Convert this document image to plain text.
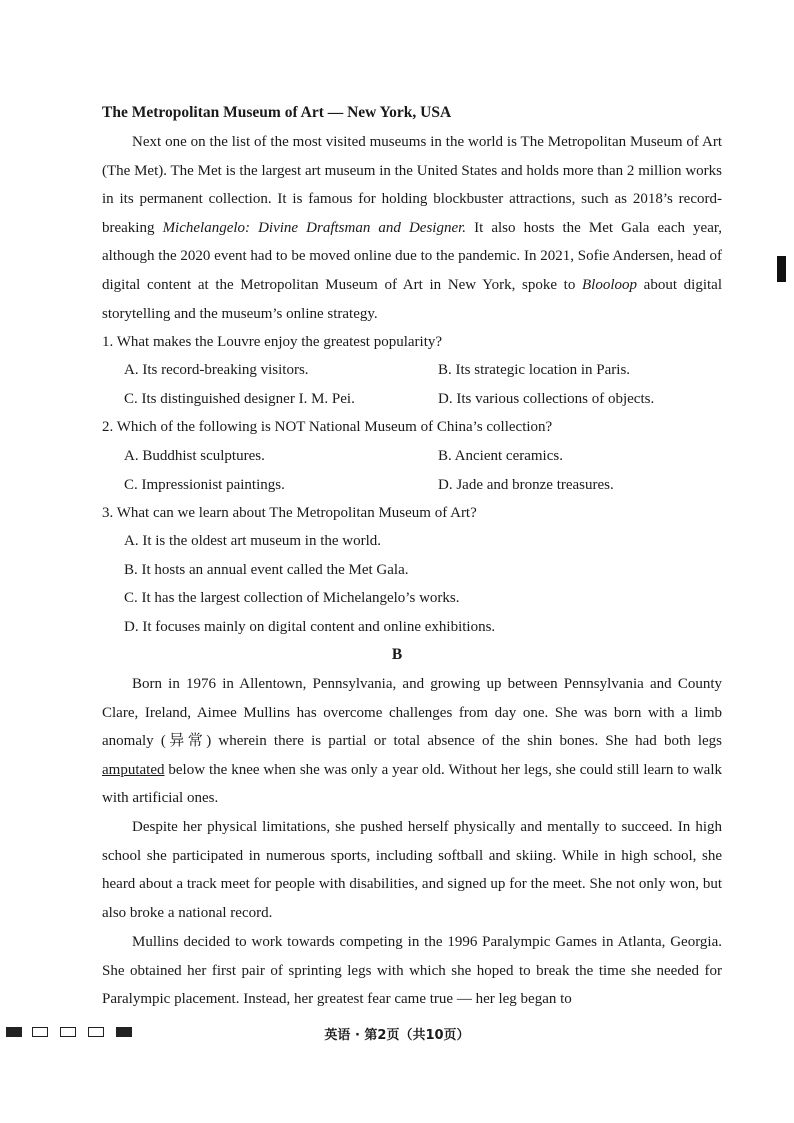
The Metropolitan Museum of Art — New York, USA

Next one on the list of the most visited museums in the world is The Metropolitan Museum of Art (The Met). The Met is the largest art museum in the United States and holds more than 2 million works in its permanent collection. It is famous for holding blockbuster attractions, such as 2018’s record-breaking Michelangelo: Divine Draftsman and Designer. It also hosts the Met Gala each year, although the 2020 event had to be moved online due to the pandemic. In 2021, Sofie Andersen, head of digital content at the Metropolitan Museum of Art in New York, spoke to Blooloop about digital storytelling and the museum’s online strategy.

1. What makes the Louvre enjoy the greatest popularity?
A. Its record-breaking visitors.	B. Its strategic location in Paris.
C. Its distinguished designer I. M. Pei.	D. Its various collections of objects.
2. Which of the following is NOT National Museum of China’s collection?
A. Buddhist sculptures.	B. Ancient ceramics.
C. Impressionist paintings.	D. Jade and bronze treasures.
3. What can we learn about The Metropolitan Museum of Art?
A. It is the oldest art museum in the world.
B. It hosts an annual event called the Met Gala.
C. It has the largest collection of Michelangelo’s works.
D. It focuses mainly on digital content and online exhibitions.
B

Born in 1976 in Allentown, Pennsylvania, and growing up between Pennsylvania and County Clare, Ireland, Aimee Mullins has overcome challenges from day one. She was born with a limb anomaly (异常) wherein there is partial or total absence of the shin bones. She had both legs amputated below the knee when she was only a year old. Without her legs, she could still learn to walk with artificial ones.

Despite her physical limitations, she pushed herself physically and mentally to succeed. In high school she participated in numerous sports, including softball and skiing. While in high school, she heard about a track meet for people with disabilities, and signed up for the meet. She not only won, but also broke a national record.

Mullins decided to work towards competing in the 1996 Paralympic Games in Atlanta, Georgia. She obtained her first pair of sprinting legs with which she hoped to break the time she needed for Paralympic placement. Instead, her greatest fear came true — her leg began to

英语 · 第2页（共10页）
